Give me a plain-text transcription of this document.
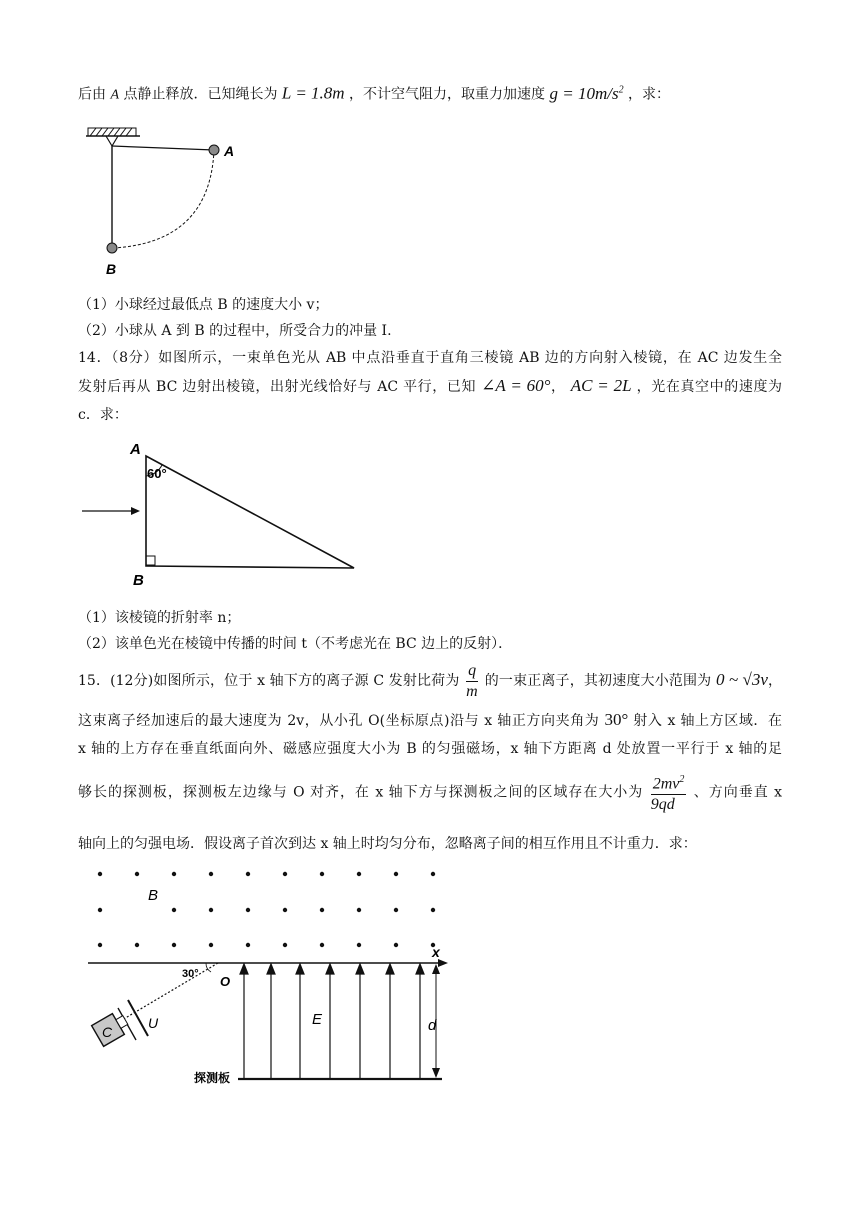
后由 A 点静止释放．已知绳长为 L = 1.8m ，不计空气阻力，取重力加速度 $g = 10m/s^2$ ，求：
A
B
（1）小球经过最低点 B 的速度大小 v；
（2）小球从 A 到 B 的过程中，所受合力的冲量 I.
14．（8分）如图所示，一束单色光从 AB 中点沿垂直于直角三棱镜 AB 边的方向射入棱镜，在 AC 边发生全
发射后再从 BC 边射出棱镜，出射光线恰好与 AC 平行，已知 ∠A = 60°， AC = 2L ，光在真空中的速度为
c．求：
A
60°
B
（1）该棱镜的折射率 n；
（2）该单色光在棱镜中传播的时间 t（不考虑光在 BC 边上的反射）．
15．(12分)如图所示，位于 x 轴下方的离子源 C 发射比荷为 $\frac{q}{m}$ 的一束正离子，其初速度大小范围为 0 ~ √3v，
这束离子经加速后的最大速度为 2v，从小孔 O(坐标原点)沿与 x 轴正方向夹角为 30° 射入 x 轴上方区域．在
x 轴的上方存在垂直纸面向外、磁感应强度大小为 B 的匀强磁场，x 轴下方距离 d 处放置一平行于 x 轴的足
够长的探测板，探测板左边缘与 O 对齐，在 x 轴下方与探测板之间的区域存在大小为 $\frac{2mv^2}{9qd}$ 、方向垂直 x
轴向上的匀强电场．假设离子首次到达 x 轴上时均匀分布，忽略离子间的相互作用且不计重力．求：
B
x
O
30°
U
C
E	d
探测板
